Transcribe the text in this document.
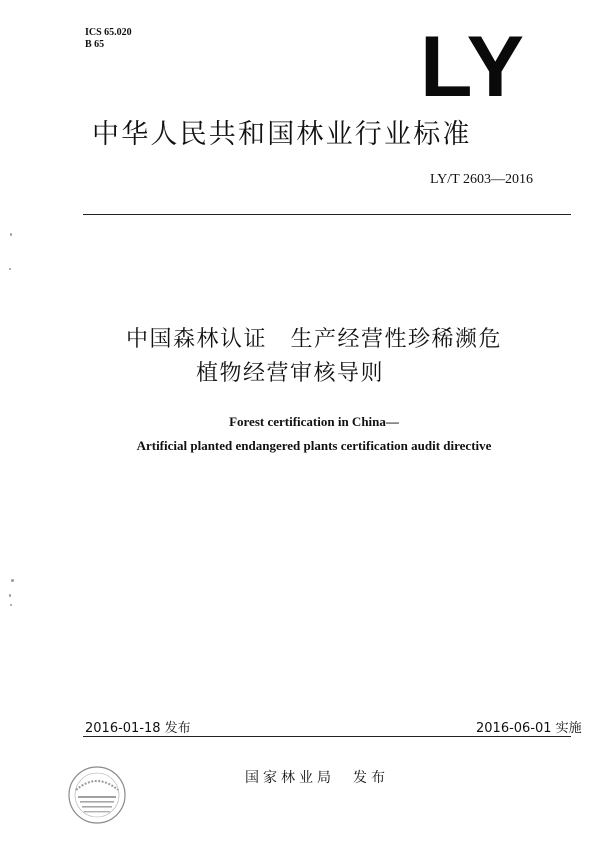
ICS 65.020
B 65	LY
中华人民共和国林业行业标准
LY/T 2603—2016
中国森林认证　生产经营性珍稀濒危
植物经营审核导则
Forest certification in China—
Artificial planted endangered plants certification audit directive
2016-01-18 发布	2016-06-01 实施
国家林业局 发布
